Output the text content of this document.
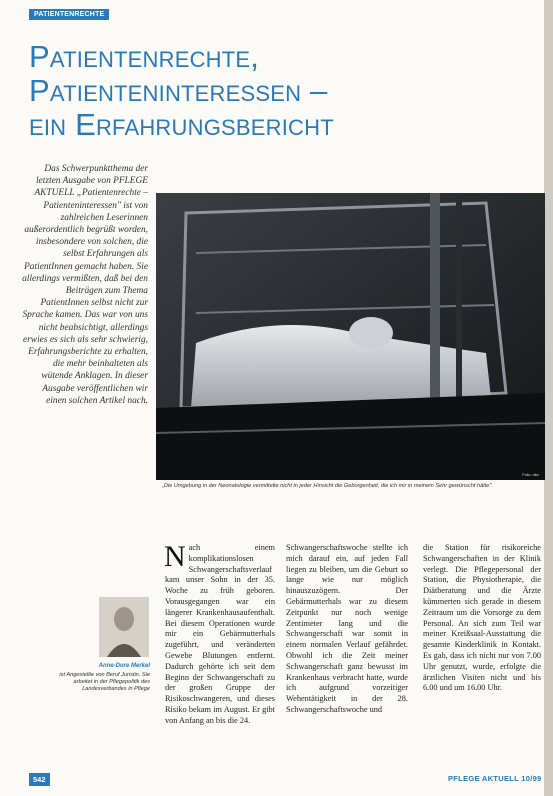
PATIENTENRECHTE
Patientenrechte,
Patienteninteressen –
ein Erfahrungsbericht
Das Schwerpunktthema der letzten Ausgabe von PFLEGE AKTUELL „Patientenrechte – Patienteninteressen" ist von zahlreichen Leserinnen außerordentlich begrüßt worden, insbesondere von solchen, die selbst Erfahrungen als PatientInnen gemacht haben. Sie allerdings vermißten, daß bei den Beiträgen zum Thema PatientInnen selbst nicht zur Sprache kamen. Das war von uns nicht beabsichtigt, allerdings erwies es sich als sehr schwierig, Erfahrungsberichte zu erhalten, die mehr beinhalteten als wütende Anklagen. In dieser Ausgabe veröffentlichen wir einen solchen Artikel nach.
Foto: dbv
„Die Umgebung in der Neonatologie vermittelte nicht in jeder Hinsicht die Geborgenheit, die ich mir in meinem Sehr gewünscht hätte".
Anne-Dore Merkel
ist Angestellte von Beruf Juristin. Sie arbeitet in der Pflegepolitik des Landesverbandes in Pflege
N ach einem komplikationslosen Schwangerschaftsverlauf kam unser Sohn in der 35. Woche zu früh geboren. Vorausgegangen war ein längerer Krankenhausaufenthalt. Bei diesem Operationen wurde mir ein Gebärmutterhals zugeführt, und veränderten Gewebe Blutungen entfernt. Dadurch gehörte ich seit dem Beginn der Schwangerschaft zu der großen Gruppe der Risikoschwangeren, und dieses Risiko bekam im August. Er gibt von Anfang an bis die 24.

Schwangerschaftswoche stellte ich mich darauf ein, auf jeden Fall liegen zu bleiben, um die Geburt so lange wie nur möglich hinauszuzögern. Der Gebärmutterhals war zu diesem Zeitpunkt nur noch wenige Zentimeter lang und die Schwangerschaft war somit in einem normalen Verlauf gefährdet. Obwohl ich die Zeit meiner Schwangerschaft ganz bewusst im Krankenhaus verbracht hatte, wurde ich aufgrund vorzeitiger Wehentätigkeit in der 28. Schwangerschaftswoche und

die Station für risikoreiche Schwangerschaften in der Klinik verlegt. Die Pflegepersonal der Station, die Physiotherapie, die Diätberatung und die Ärzte kümmerten sich gerade in diesem Zeitraum um die Vorsorge zu dem Personal. An sich zum Teil war meiner Kreißsaal-Ausstattung die gesamte Kinderklinik in Kontakt. Es gab, dass ich nicht nur von 7.00 Uhr genutzt, wurde, erfolgte die ärztlichen Visiten nicht und bis 6.00 und um 16.00 Uhr.

542	PFLEGE AKTUELL 10/99
